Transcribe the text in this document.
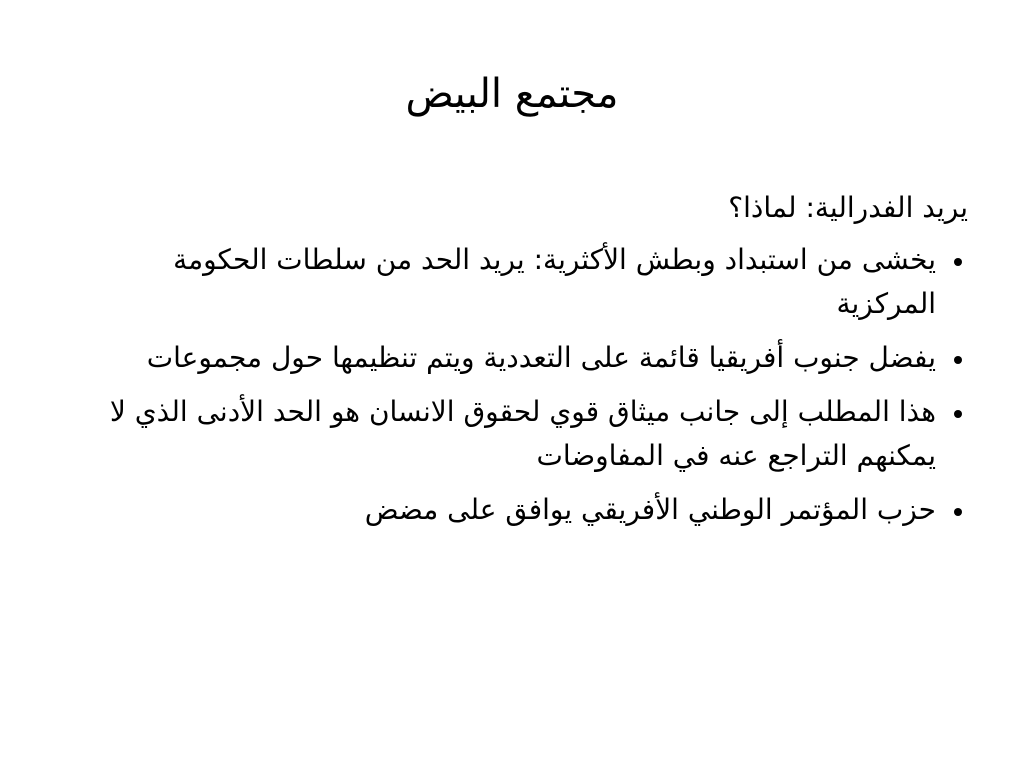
مجتمع البيض

يريد الفدرالية: لماذا؟

يخشى من استبداد وبطش الأكثرية: يريد الحد من سلطات الحكومة المركزية
يفضل جنوب أفريقيا قائمة على التعددية ويتم تنظيمها حول مجموعات
هذا المطلب إلى جانب ميثاق قوي لحقوق الانسان هو الحد الأدنى الذي لا يمكنهم التراجع عنه في المفاوضات
حزب المؤتمر الوطني الأفريقي يوافق على مضض
